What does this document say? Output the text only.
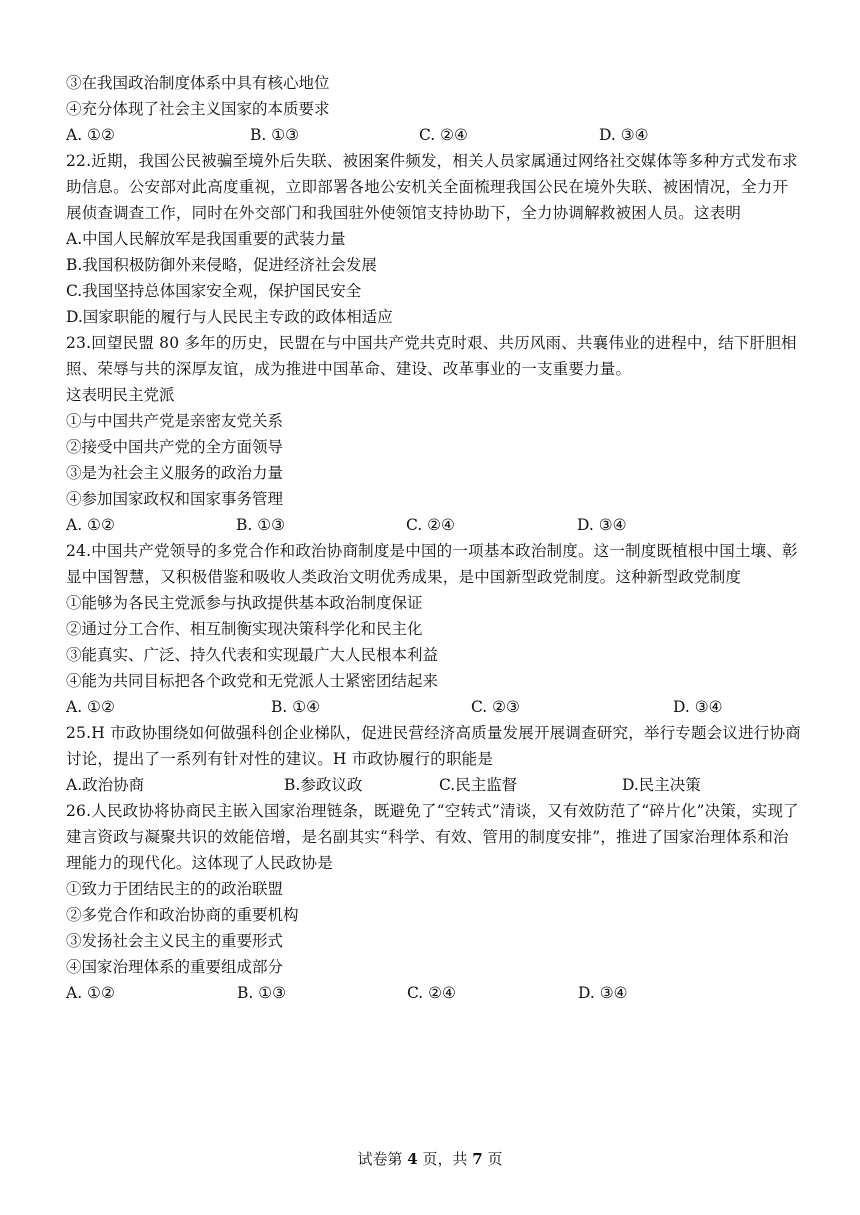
③在我国政治制度体系中具有核心地位
④充分体现了社会主义国家的本质要求
A. ①②	B. ①③	C. ②④	D. ③④
22.近期，我国公民被骗至境外后失联、被困案件频发，相关人员家属通过网络社交媒体等多种方式发布求助信息。公安部对此高度重视，立即部署各地公安机关全面梳理我国公民在境外失联、被困情况，全力开展侦查调查工作，同时在外交部门和我国驻外使领馆支持协助下，全力协调解救被困人员。这表明
A.中国人民解放军是我国重要的武装力量
B.我国积极防御外来侵略，促进经济社会发展
C.我国坚持总体国家安全观，保护国民安全
D.国家职能的履行与人民民主专政的政体相适应
23.回望民盟 80 多年的历史，民盟在与中国共产党共克时艰、共历风雨、共襄伟业的进程中，结下肝胆相照、荣辱与共的深厚友谊，成为推进中国革命、建设、改革事业的一支重要力量。
这表明民主党派
①与中国共产党是亲密友党关系
②接受中国共产党的全方面领导
③是为社会主义服务的政治力量
④参加国家政权和国家事务管理
A. ①②	B. ①③	C. ②④	D. ③④
24.中国共产党领导的多党合作和政治协商制度是中国的一项基本政治制度。这一制度既植根中国土壤、彰显中国智慧，又积极借鉴和吸收人类政治文明优秀成果，是中国新型政党制度。这种新型政党制度
①能够为各民主党派参与执政提供基本政治制度保证
②通过分工合作、相互制衡实现决策科学化和民主化
③能真实、广泛、持久代表和实现最广大人民根本利益
④能为共同目标把各个政党和无党派人士紧密团结起来
A. ①②	B. ①④	C. ②③	D. ③④
25.H 市政协围绕如何做强科创企业梯队，促进民营经济高质量发展开展调查研究，举行专题会议进行协商讨论，提出了一系列有针对性的建议。H 市政协履行的职能是
A.政治协商	B.参政议政	C.民主监督	D.民主决策
26.人民政协将协商民主嵌入国家治理链条，既避免了“空转式”清谈，又有效防范了“碎片化”决策，实现了建言资政与凝聚共识的效能倍增，是名副其实“科学、有效、管用的制度安排”，推进了国家治理体系和治理能力的现代化。这体现了人民政协是
①致力于团结民主的的政治联盟
②多党合作和政治协商的重要机构
③发扬社会主义民主的重要形式
④国家治理体系的重要组成部分
A. ①②	B. ①③	C. ②④	D. ③④
试卷第 4 页，共 7 页
